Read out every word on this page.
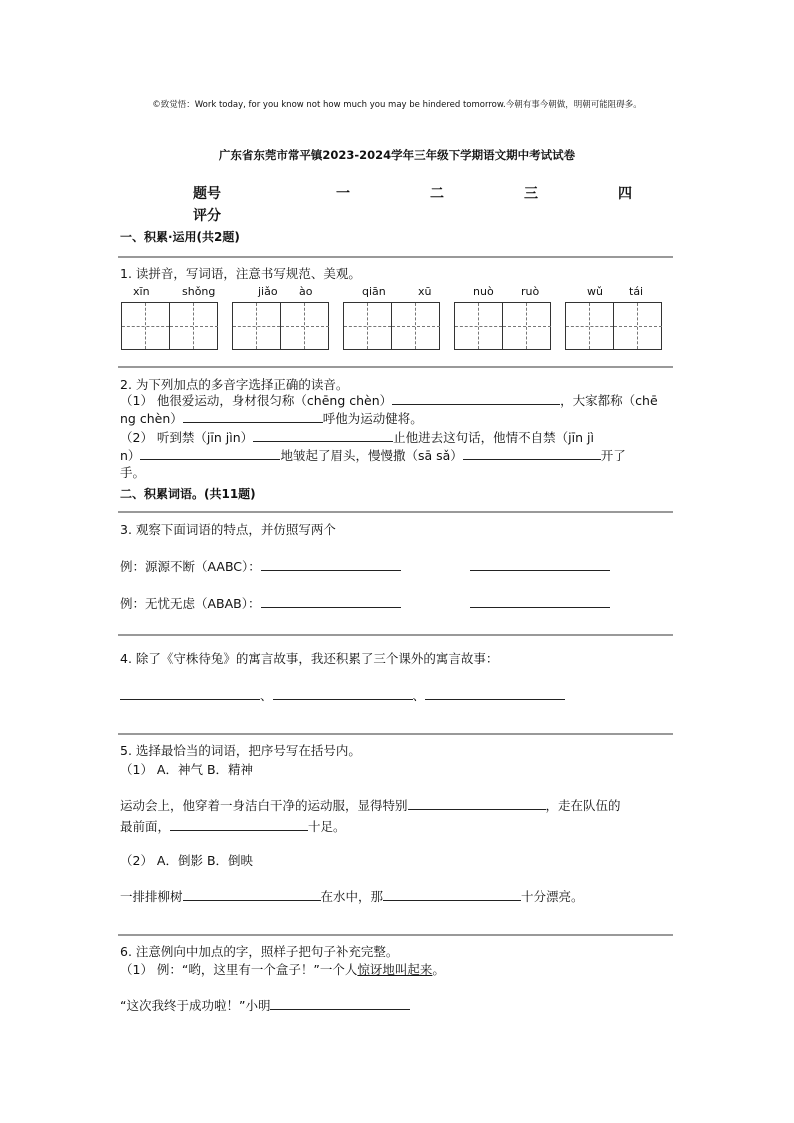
©致觉悟：Work today, for you know not how much you may be hindered tomorrow.今朝有事今朝做，明朝可能阻碍多。
广东省东莞市常平镇2023-2024学年三年级下学期语文期中考试试卷
题号	一	二	三	四
评分
一、积累·运用(共2题)
1. 读拼音，写词语，注意书写规范、美观。
xīn	shǒng	jiǎo ào	qiān	xū	nuò ruò	wǔ tái
2. 为下列加点的多音字选择正确的读音。
（1） 他很爱运动，身材很匀称（chēng chèn）	，大家都称（chē
ng chèn）	呼他为运动健将。
（2） 听到禁（jīn jìn）	止他进去这句话，他情不自禁（jīn jì
n）	地皱起了眉头，慢慢撒（sā sǎ）	开了
手。
二、积累词语。(共11题)
3. 观察下面词语的特点，并仿照写两个
例：源源不断（AABC）：
例：无忧无虑（ABAB）：
4. 除了《守株待兔》的寓言故事，我还积累了三个课外的寓言故事：
、	、
5. 选择最恰当的词语，把序号写在括号内。
（1） A．神气 B．精神
运动会上，他穿着一身洁白干净的运动服，显得特别	，走在队伍的
最前面，	十足。
（2） A．倒影 B．倒映
一排排柳树	在水中，那	十分漂亮。
6. 注意例向中加点的字，照样子把句子补充完整。
（1） 例：“哟，这里有一个盒子！”一个人惊讶地叫起来。
“这次我终于成功啦！”小明
